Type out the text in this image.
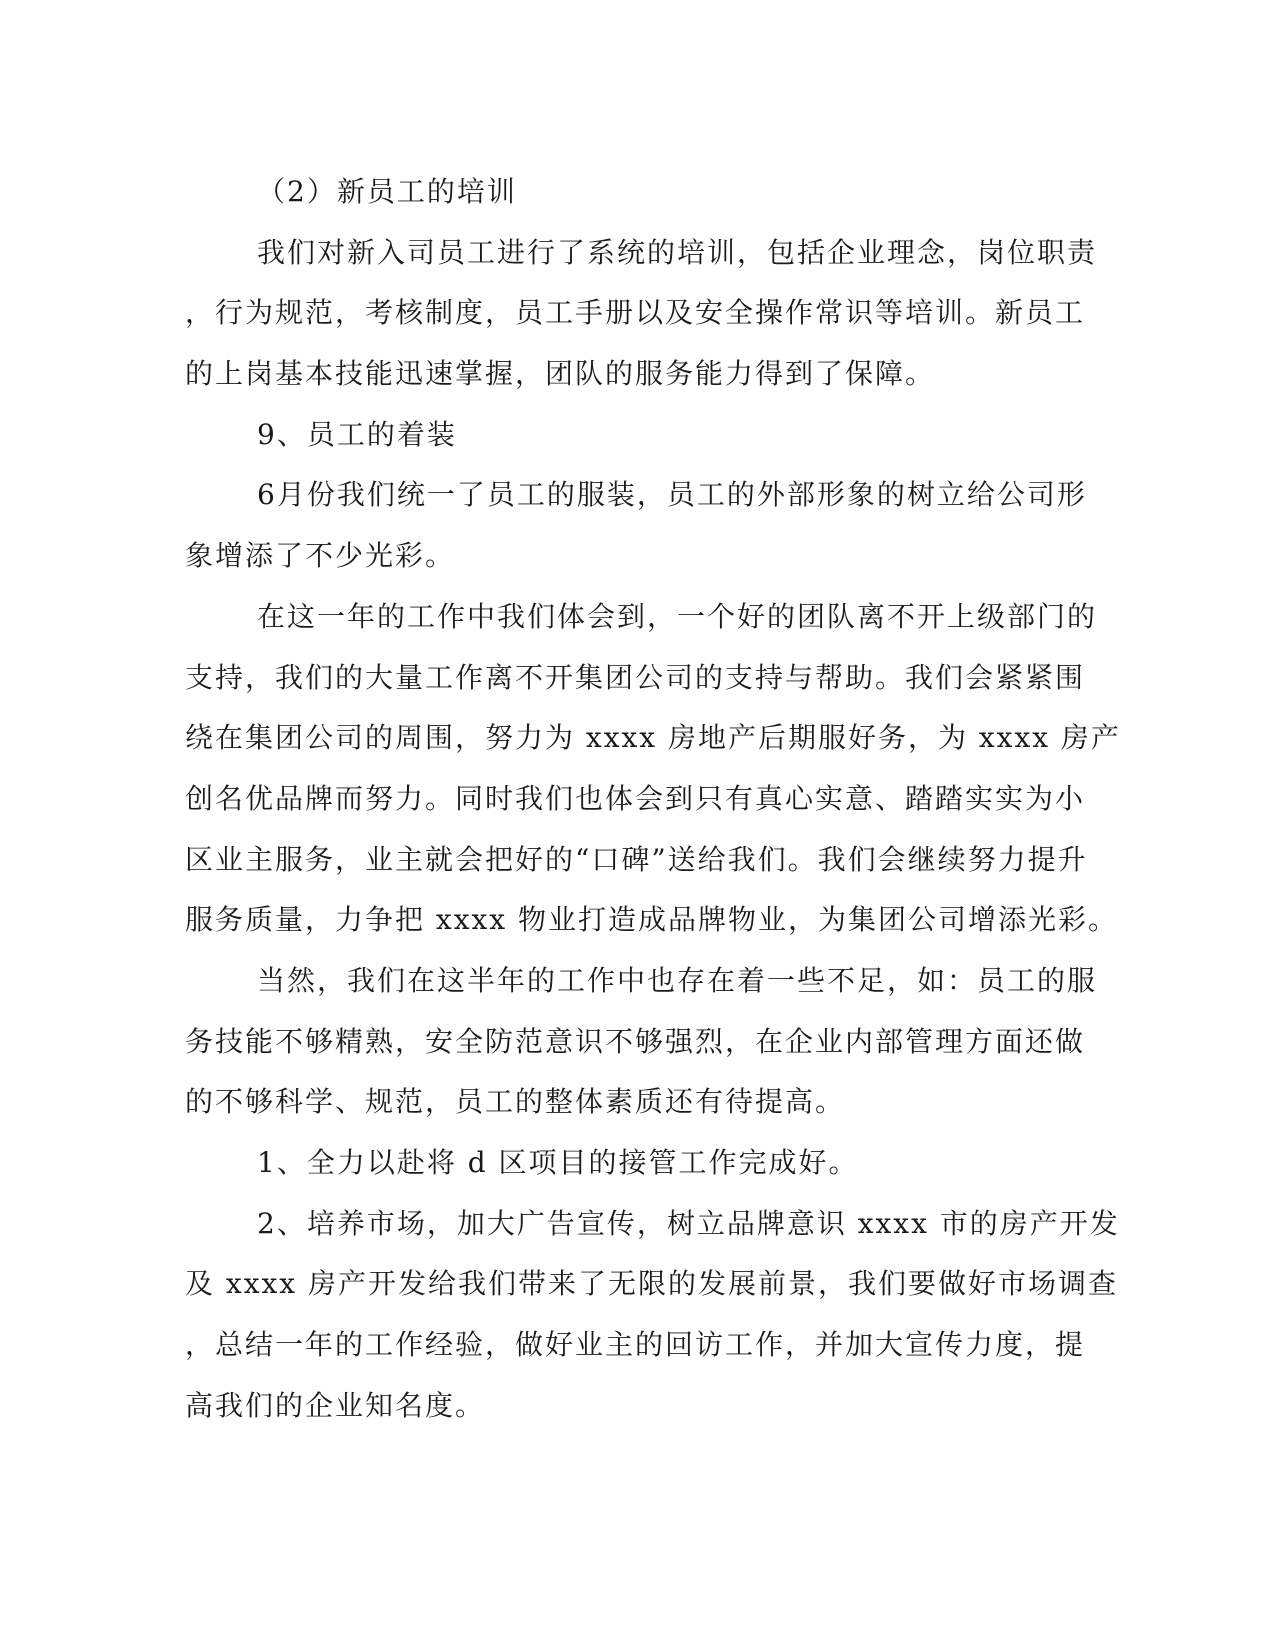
（2）新员工的培训
我们对新入司员工进行了系统的培训，包括企业理念，岗位职责
，行为规范，考核制度，员工手册以及安全操作常识等培训。新员工
的上岗基本技能迅速掌握，团队的服务能力得到了保障。
9、员工的着装
6月份我们统一了员工的服装，员工的外部形象的树立给公司形
象增添了不少光彩。
在这一年的工作中我们体会到，一个好的团队离不开上级部门的
支持，我们的大量工作离不开集团公司的支持与帮助。我们会紧紧围
绕在集团公司的周围，努力为 xxxx 房地产后期服好务，为 xxxx 房产
创名优品牌而努力。同时我们也体会到只有真心实意、踏踏实实为小
区业主服务，业主就会把好的“口碑”送给我们。我们会继续努力提升
服务质量，力争把 xxxx 物业打造成品牌物业，为集团公司增添光彩。
当然，我们在这半年的工作中也存在着一些不足，如：员工的服
务技能不够精熟，安全防范意识不够强烈，在企业内部管理方面还做
的不够科学、规范，员工的整体素质还有待提高。
1、全力以赴将 d 区项目的接管工作完成好。
2、培养市场，加大广告宣传，树立品牌意识 xxxx 市的房产开发
及 xxxx 房产开发给我们带来了无限的发展前景，我们要做好市场调查
，总结一年的工作经验，做好业主的回访工作，并加大宣传力度，提
高我们的企业知名度。
